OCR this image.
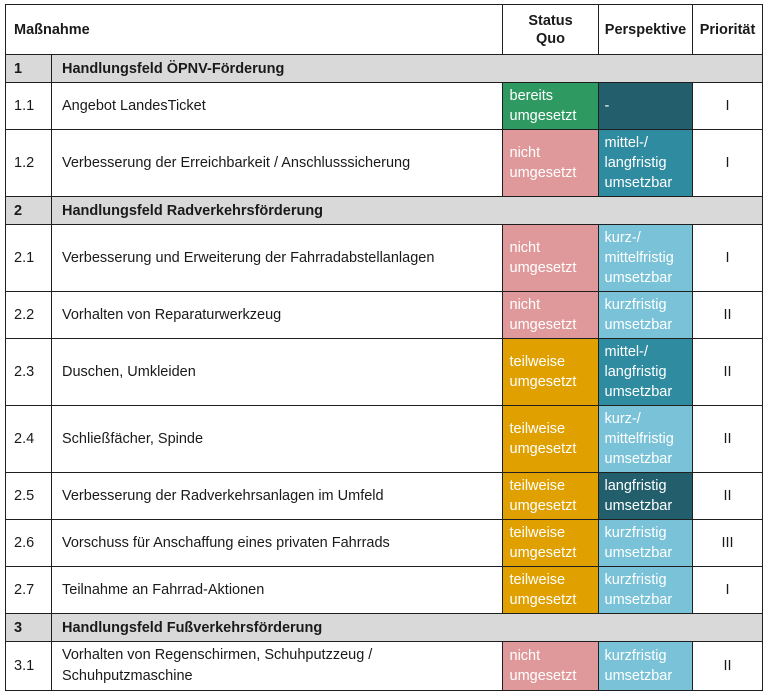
Maßnahme		Status Quo	Perspektive	Priorität
1	Handlungsfeld ÖPNV-Förderung			
1.1	Angebot LandesTicket	bereits umgesetzt	-	I
1.2	Verbesserung der Erreichbarkeit / Anschlusssicherung	nicht umgesetzt	mittel-/ langfristig umsetzbar	I
2	Handlungsfeld Radverkehrsförderung			
2.1	Verbesserung und Erweiterung der Fahrradabstellanlagen	nicht umgesetzt	kurz-/ mittelfristig umsetzbar	I
2.2	Vorhalten von Reparaturwerkzeug	nicht umgesetzt	kurzfristig umsetzbar	II
2.3	Duschen, Umkleiden	teilweise umgesetzt	mittel-/ langfristig umsetzbar	II
2.4	Schließfächer, Spinde	teilweise umgesetzt	kurz-/ mittelfristig umsetzbar	II
2.5	Verbesserung der Radverkehrsanlagen im Umfeld	teilweise umgesetzt	langfristig umsetzbar	II
2.6	Vorschuss für Anschaffung eines privaten Fahrrads	teilweise umgesetzt	kurzfristig umsetzbar	III
2.7	Teilnahme an Fahrrad-Aktionen	teilweise umgesetzt	kurzfristig umsetzbar	I
3	Handlungsfeld Fußverkehrsförderung			
3.1	Vorhalten von Regenschirmen, Schuhputzzeug / Schuhputzmaschine	nicht umgesetzt	kurzfristig umsetzbar	II
